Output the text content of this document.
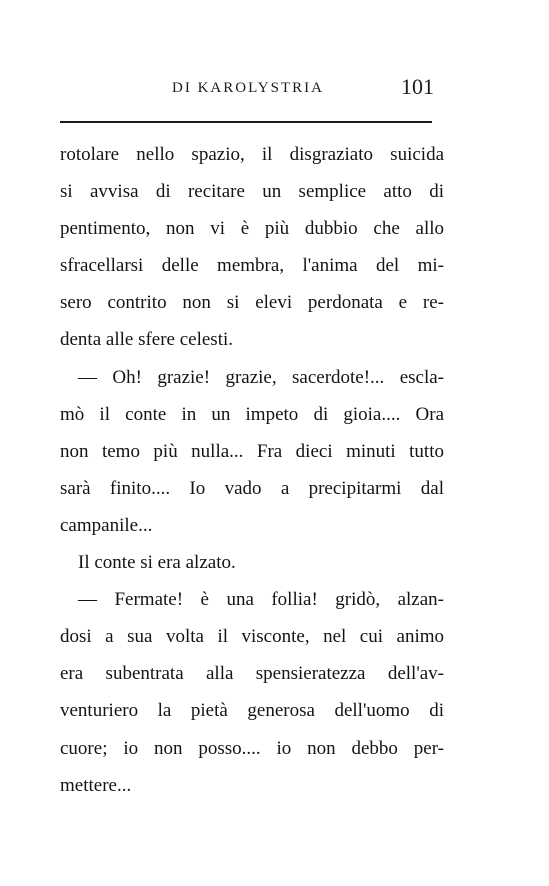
DI KAROLYSTRIA	101
rotolare nello spazio, il disgraziato suicida
si avvisa di recitare un semplice atto di
pentimento, non vi è più dubbio che allo
sfracellarsi delle membra, l'anima del mi-
sero contrito non si elevi perdonata e re-
denta alle sfere celesti.
— Oh! grazie! grazie, sacerdote!... escla-
mò il conte in un impeto di gioia.... Ora
non temo più nulla... Fra dieci minuti tutto
sarà finito.... Io vado a precipitarmi dal
campanile...
Il conte si era alzato.
— Fermate! è una follia! gridò, alzan-
dosi a sua volta il visconte, nel cui animo
era subentrata alla spensieratezza dell'av-
venturiero la pietà generosa dell'uomo di
cuore; io non posso.... io non debbo per-
mettere...
